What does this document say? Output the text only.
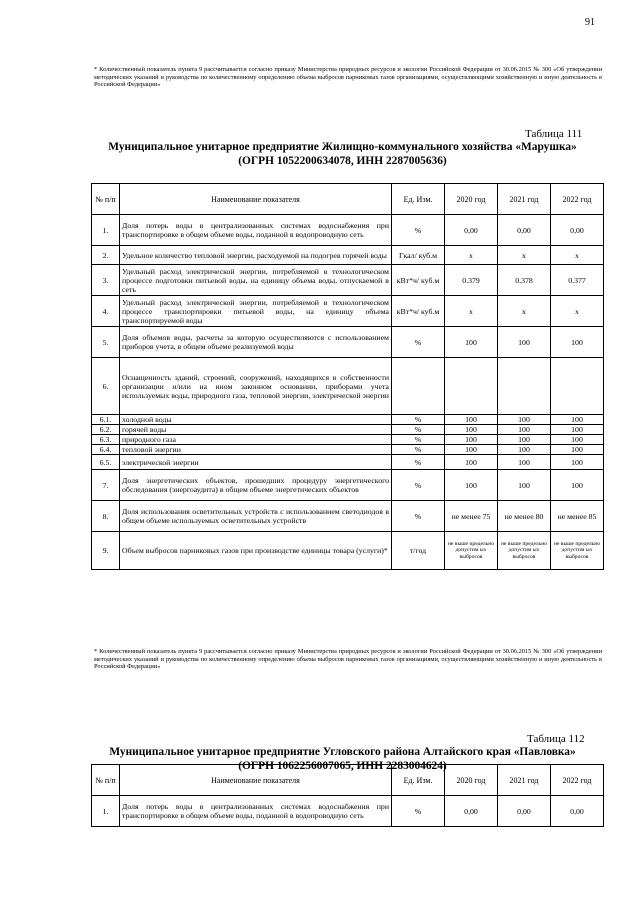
91
* Количественный показатель пункта 9 рассчитывается согласно приказу Министерства природных ресурсов и экологии Российской Федерации от 30.06.2015 № 300 «Об утверждении методических указаний и руководства по количественному определению объема выбросов парниковых газов организациями, осуществляющими хозяйственную и иную деятельность в Российской Федерации»
Таблица 111
Муниципальное унитарное предприятие Жилищно-коммунального хозяйства «Марушка» (ОГРН 1052200634078, ИНН 2287005636)
№ п/п	Наименование показателя	Ед. Изм.	2020 год	2021 год	2022 год
1.	Доля потерь воды в централизованных системах водоснабжения при транспортировке в общем объеме воды, поданной в водопроводную сеть	%	0,00	0,00	0,00
2.	Удельное количество тепловой энергии, расходуемой на подогрев горячей воды	Гкал/ куб.м	х	х	х
3.	Удельный расход электрической энергии, потребляемой в технологическом процессе подготовки питьевой воды, на единицу объема воды, отпускаемой в сеть	кВт*ч/ куб.м	0.379	0.378	0.377
4.	Удельный расход электрической энергии, потребляемой в технологическом процессе транспортировки питьевой воды, на единицу объема транспортируемой воды	кВт*ч/ куб.м	х	х	х
5.	Доля объемов воды, расчеты за которую осуществляются с использованием приборов учета, в общем объеме реализуемой воды	%	100	100	100
6.	Оснащенность зданий, строений, сооружений, находящихся в собственности организации и/или на ином законном основании, приборами учета используемых воды, природного газа, тепловой энергии, электрической энергии				
6.1.	холодной воды	%	100	100	100
6.2.	горячей воды	%	100	100	100
6.3.	природного газа	%	100	100	100
6.4.	тепловой энергии	%	100	100	100
6.5.	электрической энергии	%	100	100	100
7.	Доля энергетических объектов, прошедших процедуру энергетического обследования (энергоаудита) в общем объеме энергетических объектов	%	100	100	100
8.	Доля использования осветительных устройств с использованием светодиодов в общем объеме используемых осветительных устройств	%	не менее 75	не менее 80	не менее 85
9.	Объем выбросов парниковых газов при производстве единицы товара (услуги)*	т/год	не выше предельно допустим ых выбросов	не выше предельно допустим ых выбросов	не выше предельно допустим ых выбросов
* Количественный показатель пункта 9 рассчитывается согласно приказу Министерства природных ресурсов и экологии Российской Федерации от 30.06.2015 № 300 «Об утверждении методических указаний и руководства по количественному определению объема выбросов парниковых газов организациями, осуществляющими хозяйственную и иную деятельность в Российской Федерации»
Таблица 112
Муниципальное унитарное предприятие Угловского района Алтайского края «Павловка» (ОГРН 1062256007065, ИНН 2283004624)
№ п/п	Наименование показателя	Ед. Изм.	2020 год	2021 год	2022 год
1.	Доля потерь воды в централизованных системах водоснабжения при транспортировке в общем объеме воды, поданной в водопроводную сеть	%	0,00	0,00	0,00
